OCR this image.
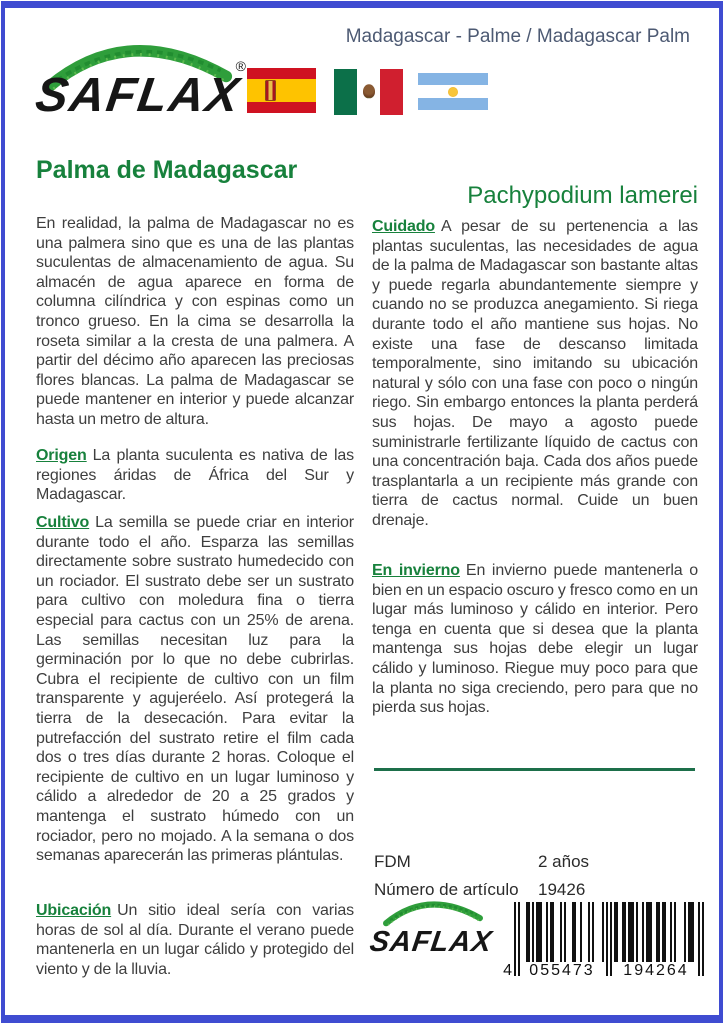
Madagascar - Palme / Madagascar Palm
SAFLAX
®
Palma de Madagascar

En realidad, la palma de Madagascar no es una palmera sino que es una de las plantas suculentas de almacenamiento de agua. Su almacén de agua aparece en forma de columna cilíndrica y con espinas como un tronco grueso. En la cima se desarrolla la roseta similar a la cresta de una palmera. A partir del décimo año aparecen las preciosas flores blancas. La palma de Madagascar se puede mantener en interior y puede alcanzar hasta un metro de altura.

Origen La planta suculenta es nativa de las regiones áridas de África del Sur y Madagascar.

Cultivo La semilla se puede criar en interior durante todo el año. Esparza las semillas directamente sobre sustrato humedecido con un rociador. El sustrato debe ser un sustrato para cultivo con moledura fina o tierra especial para cactus con un 25% de arena. Las semillas necesitan luz para la germinación por lo que no debe cubrirlas. Cubra el recipiente de cultivo con un film transparente y agujeréelo. Así protegerá la tierra de la desecación. Para evitar la putrefacción del sustrato retire el film cada dos o tres días durante 2 horas. Coloque el recipiente de cultivo en un lugar luminoso y cálido a alrededor de 20 a 25 grados y mantenga el sustrato húmedo con un rociador, pero no mojado. A la semana o dos semanas aparecerán las primeras plántulas.

Ubicación Un sitio ideal sería con varias horas de sol al día. Durante el verano puede mantenerla en un lugar cálido y protegido del viento y de la lluvia.

Pachypodium lamerei

Cuidado A pesar de su pertenencia a las plantas suculentas, las necesidades de agua de la palma de Madagascar son bastante altas y puede regarla abundantemente siempre y cuando no se produzca anegamiento. Si riega durante todo el año mantiene sus hojas. No existe una fase de descanso limitada temporalmente, sino imitando su ubicación natural y sólo con una fase con poco o ningún riego. Sin embargo entonces la planta perderá sus hojas. De mayo a agosto puede suministrarle fertilizante líquido de cactus con una concentración baja. Cada dos años puede trasplantarla a un recipiente más grande con tierra de cactus normal. Cuide un buen drenaje.

En invierno En invierno puede mantenerla o bien en un espacio oscuro y fresco como en un lugar más luminoso y cálido en interior. Pero tenga en cuenta que si desea que la planta mantenga sus hojas debe elegir un lugar cálido y luminoso. Riegue muy poco para que la planta no siga creciendo, pero para que no pierda sus hojas.

FDM	2 años
Número de artículo 19426
SAFLAX
4	055473	194264
